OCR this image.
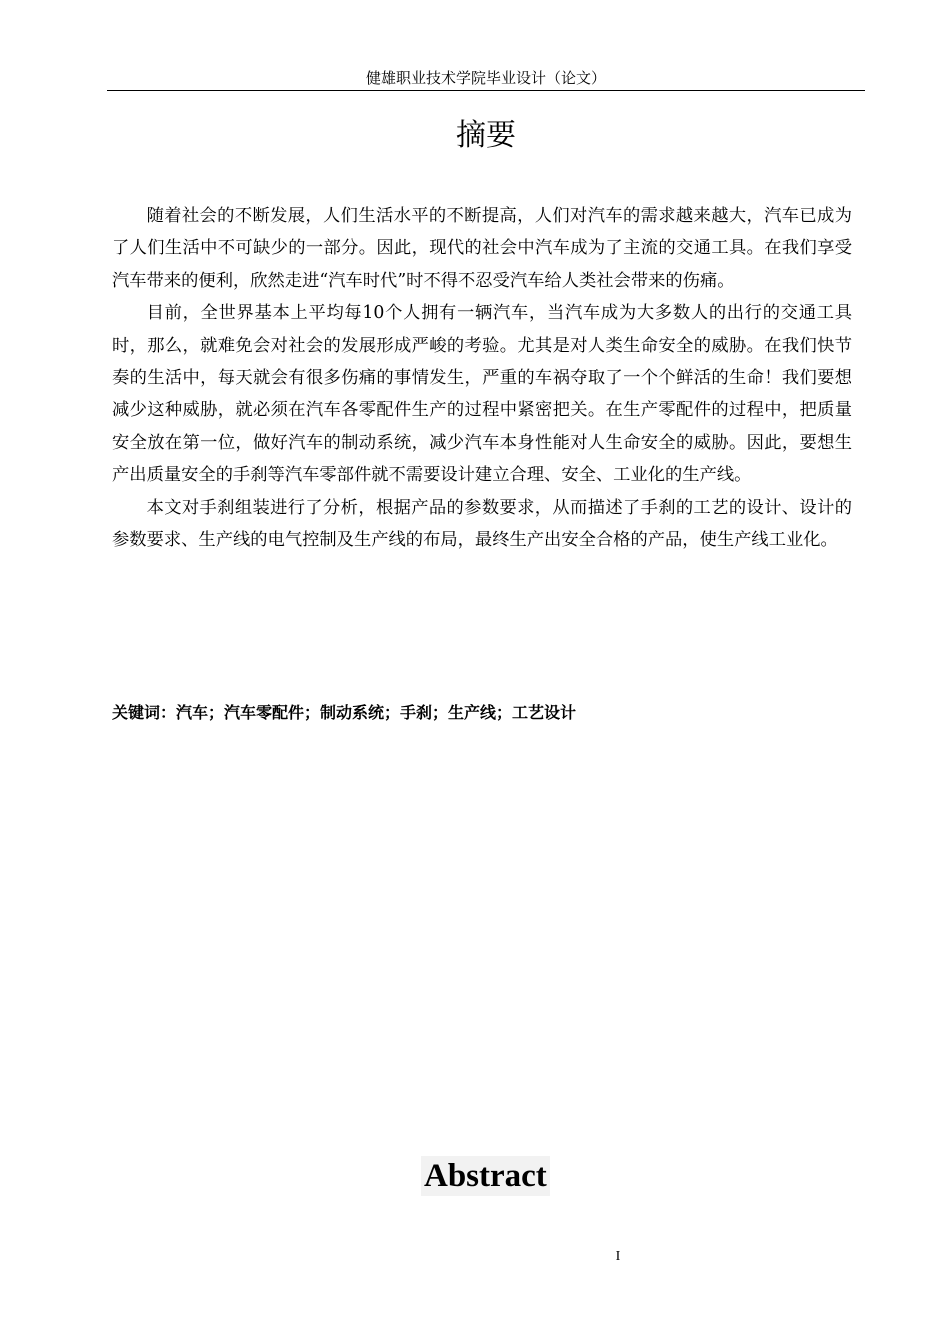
健雄职业技术学院毕业设计（论文）
摘要

随着社会的不断发展，人们生活水平的不断提高，人们对汽车的需求越来越大，汽车已成为了人们生活中不可缺少的一部分。因此，现代的社会中汽车成为了主流的交通工具。在我们享受汽车带来的便利，欣然走进“汽车时代”时不得不忍受汽车给人类社会带来的伤痛。

目前，全世界基本上平均每10个人拥有一辆汽车，当汽车成为大多数人的出行的交通工具时，那么，就难免会对社会的发展形成严峻的考验。尤其是对人类生命安全的威胁。在我们快节奏的生活中，每天就会有很多伤痛的事情发生，严重的车祸夺取了一个个鲜活的生命！我们要想减少这种威胁，就必须在汽车各零配件生产的过程中紧密把关。在生产零配件的过程中，把质量安全放在第一位，做好汽车的制动系统，减少汽车本身性能对人生命安全的威胁。因此，要想生产出质量安全的手刹等汽车零部件就不需要设计建立合理、安全、工业化的生产线。

本文对手刹组装进行了分析，根据产品的参数要求，从而描述了手刹的工艺的设计、设计的参数要求、生产线的电气控制及生产线的布局，最终生产出安全合格的产品，使生产线工业化。

关键词：汽车；汽车零配件；制动系统；手刹；生产线；工艺设计
Abstract
I
